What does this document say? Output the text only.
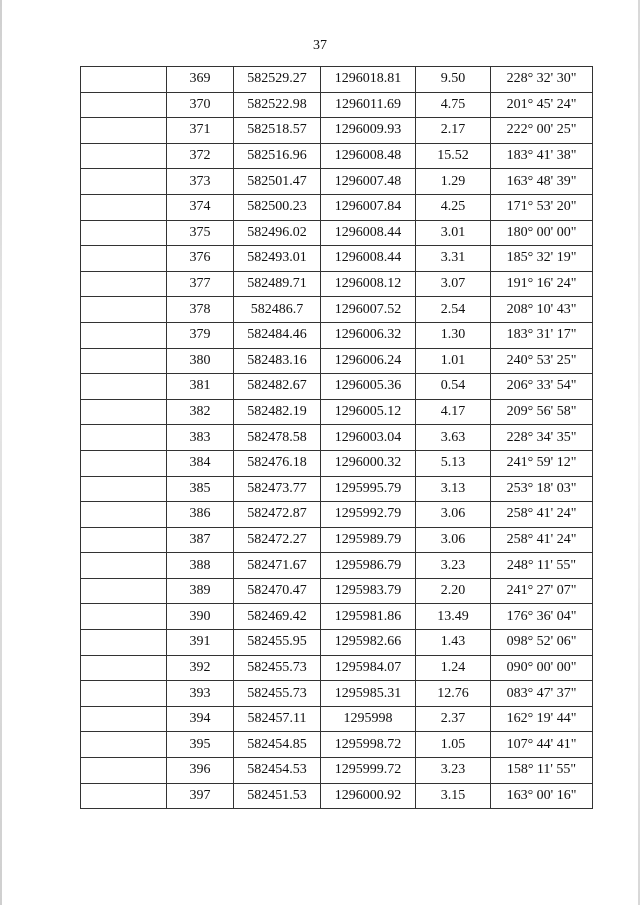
37
	369	582529.27	1296018.81	9.50	228° 32' 30"
	370	582522.98	1296011.69	4.75	201° 45' 24"
	371	582518.57	1296009.93	2.17	222° 00' 25"
	372	582516.96	1296008.48	15.52	183° 41' 38"
	373	582501.47	1296007.48	1.29	163° 48' 39"
	374	582500.23	1296007.84	4.25	171° 53' 20"
	375	582496.02	1296008.44	3.01	180° 00' 00"
	376	582493.01	1296008.44	3.31	185° 32' 19"
	377	582489.71	1296008.12	3.07	191° 16' 24"
	378	582486.7	1296007.52	2.54	208° 10' 43"
	379	582484.46	1296006.32	1.30	183° 31' 17"
	380	582483.16	1296006.24	1.01	240° 53' 25"
	381	582482.67	1296005.36	0.54	206° 33' 54"
	382	582482.19	1296005.12	4.17	209° 56' 58"
	383	582478.58	1296003.04	3.63	228° 34' 35"
	384	582476.18	1296000.32	5.13	241° 59' 12"
	385	582473.77	1295995.79	3.13	253° 18' 03"
	386	582472.87	1295992.79	3.06	258° 41' 24"
	387	582472.27	1295989.79	3.06	258° 41' 24"
	388	582471.67	1295986.79	3.23	248° 11' 55"
	389	582470.47	1295983.79	2.20	241° 27' 07"
	390	582469.42	1295981.86	13.49	176° 36' 04"
	391	582455.95	1295982.66	1.43	098° 52' 06"
	392	582455.73	1295984.07	1.24	090° 00' 00"
	393	582455.73	1295985.31	12.76	083° 47' 37"
	394	582457.11	1295998	2.37	162° 19' 44"
	395	582454.85	1295998.72	1.05	107° 44' 41"
	396	582454.53	1295999.72	3.23	158° 11' 55"
	397	582451.53	1296000.92	3.15	163° 00' 16"
